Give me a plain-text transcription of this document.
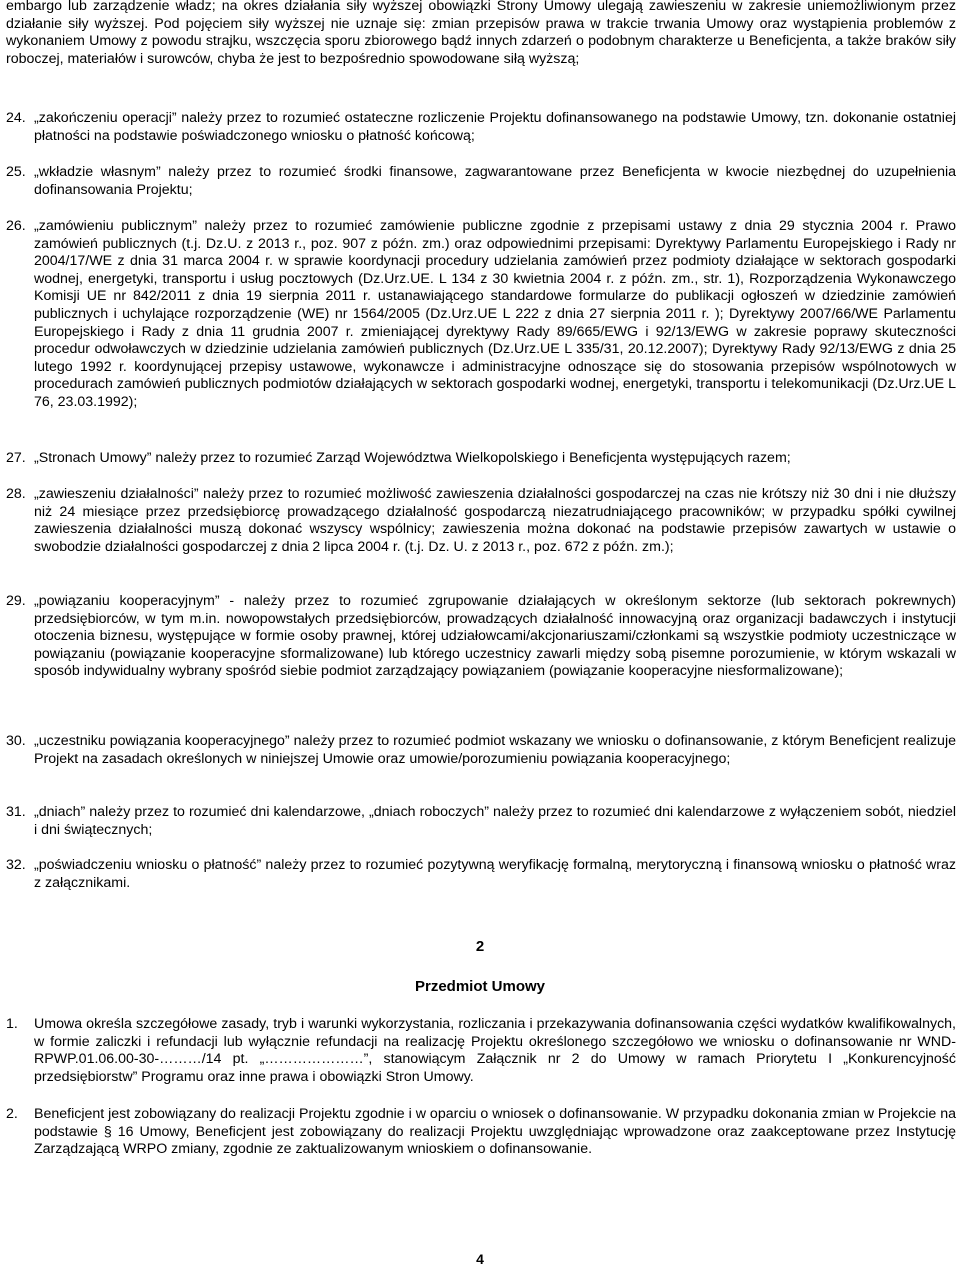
embargo lub zarządzenie władz; na okres działania siły wyższej obowiązki Strony Umowy ulegają zawieszeniu w zakresie uniemożliwionym przez działanie siły wyższej. Pod pojęciem siły wyższej nie uznaje się: zmian przepisów prawa w trakcie trwania Umowy oraz wystąpienia problemów z wykonaniem Umowy z powodu strajku, wszczęcia sporu zbiorowego bądź innych zdarzeń o podobnym charakterze u Beneficjenta, a także braków siły roboczej, materiałów i surowców, chyba że jest to bezpośrednio spowodowane siłą wyższą;

24. „zakończeniu operacji” należy przez to rozumieć ostateczne rozliczenie Projektu dofinansowanego na podstawie Umowy, tzn. dokonanie ostatniej płatności na podstawie poświadczonego wniosku o płatność końcową;
25. „wkładzie własnym” należy przez to rozumieć środki finansowe, zagwarantowane przez Beneficjenta w kwocie niezbędnej do uzupełnienia dofinansowania Projektu;
26. „zamówieniu publicznym” należy przez to rozumieć zamówienie publiczne zgodnie z przepisami ustawy z dnia 29 stycznia 2004 r. Prawo zamówień publicznych (t.j. Dz.U. z 2013 r., poz. 907 z późn. zm.) oraz odpowiednimi przepisami: Dyrektywy Parlamentu Europejskiego i Rady nr 2004/17/WE z dnia 31 marca 2004 r. w sprawie koordynacji procedury udzielania zamówień przez podmioty działające w sektorach gospodarki wodnej, energetyki, transportu i usług pocztowych (Dz.Urz.UE. L 134 z 30 kwietnia 2004 r. z późn. zm., str. 1), Rozporządzenia Wykonawczego Komisji UE nr 842/2011 z dnia 19 sierpnia 2011 r. ustanawiającego standardowe formularze do publikacji ogłoszeń w dziedzinie zamówień publicznych i uchylające rozporządzenie (WE) nr 1564/2005 (Dz.Urz.UE L 222 z dnia 27 sierpnia 2011 r. ); Dyrektywy 2007/66/WE Parlamentu Europejskiego i Rady z dnia 11 grudnia 2007 r. zmieniającej dyrektywy Rady 89/665/EWG i 92/13/EWG w zakresie poprawy skuteczności procedur odwoławczych w dziedzinie udzielania zamówień publicznych (Dz.Urz.UE L 335/31, 20.12.2007); Dyrektywy Rady 92/13/EWG z dnia 25 lutego 1992 r. koordynującej przepisy ustawowe, wykonawcze i administracyjne odnoszące się do stosowania przepisów wspólnotowych w procedurach zamówień publicznych podmiotów działających w sektorach gospodarki wodnej, energetyki, transportu i telekomunikacji (Dz.Urz.UE L 76, 23.03.1992);
27. „Stronach Umowy” należy przez to rozumieć Zarząd Województwa Wielkopolskiego i Beneficjenta występujących razem;
28. „zawieszeniu działalności” należy przez to rozumieć możliwość zawieszenia działalności gospodarczej na czas nie krótszy niż 30 dni i nie dłuższy niż 24 miesiące przez przedsiębiorcę prowadzącego działalność gospodarczą niezatrudniającego pracowników; w przypadku spółki cywilnej zawieszenia działalności muszą dokonać wszyscy wspólnicy; zawieszenia można dokonać na podstawie przepisów zawartych w ustawie o swobodzie działalności gospodarczej z dnia 2 lipca 2004 r. (t.j. Dz. U. z 2013 r., poz. 672 z późn. zm.);
29. „powiązaniu kooperacyjnym” - należy przez to rozumieć zgrupowanie działających w określonym sektorze (lub sektorach pokrewnych) przedsiębiorców, w tym m.in. nowopowstałych przedsiębiorców, prowadzących działalność innowacyjną oraz organizacji badawczych i instytucji otoczenia biznesu, występujące w formie osoby prawnej, której udziałowcami/akcjonariuszami/członkami są wszystkie podmioty uczestniczące w powiązaniu (powiązanie kooperacyjne sformalizowane) lub którego uczestnicy zawarli między sobą pisemne porozumienie, w którym wskazali w sposób indywidualny wybrany spośród siebie podmiot zarządzający powiązaniem (powiązanie kooperacyjne niesformalizowane);
30. „uczestniku powiązania kooperacyjnego” należy przez to rozumieć podmiot wskazany we wniosku o dofinansowanie, z którym Beneficjent realizuje Projekt na zasadach określonych w niniejszej Umowie oraz umowie/porozumieniu powiązania kooperacyjnego;
31. „dniach” należy przez to rozumieć dni kalendarzowe, „dniach roboczych” należy przez to rozumieć dni kalendarzowe z wyłączeniem sobót, niedziel i dni świątecznych;
32. „poświadczeniu wniosku o płatność” należy przez to rozumieć pozytywną weryfikację formalną, merytoryczną i finansową wniosku o płatność wraz z załącznikami.
2
Przedmiot Umowy
1. Umowa określa szczegółowe zasady, tryb i warunki wykorzystania, rozliczania i przekazywania dofinansowania części wydatków kwalifikowalnych, w formie zaliczki i refundacji lub wyłącznie refundacji na realizację Projektu określonego szczegółowo we wniosku o dofinansowanie nr WND-RPWP.01.06.00-30-………/14 pt. „…………………”, stanowiącym Załącznik nr 2 do Umowy w ramach Priorytetu I „Konkurencyjność przedsiębiorstw” Programu oraz inne prawa i obowiązki Stron Umowy.
2. Beneficjent jest zobowiązany do realizacji Projektu zgodnie i w oparciu o wniosek o dofinansowanie. W przypadku dokonania zmian w Projekcie na podstawie § 16 Umowy, Beneficjent jest zobowiązany do realizacji Projektu uwzględniając wprowadzone oraz zaakceptowane przez Instytucję Zarządzającą WRPO zmiany, zgodnie ze zaktualizowanym wnioskiem o dofinansowanie.
4
